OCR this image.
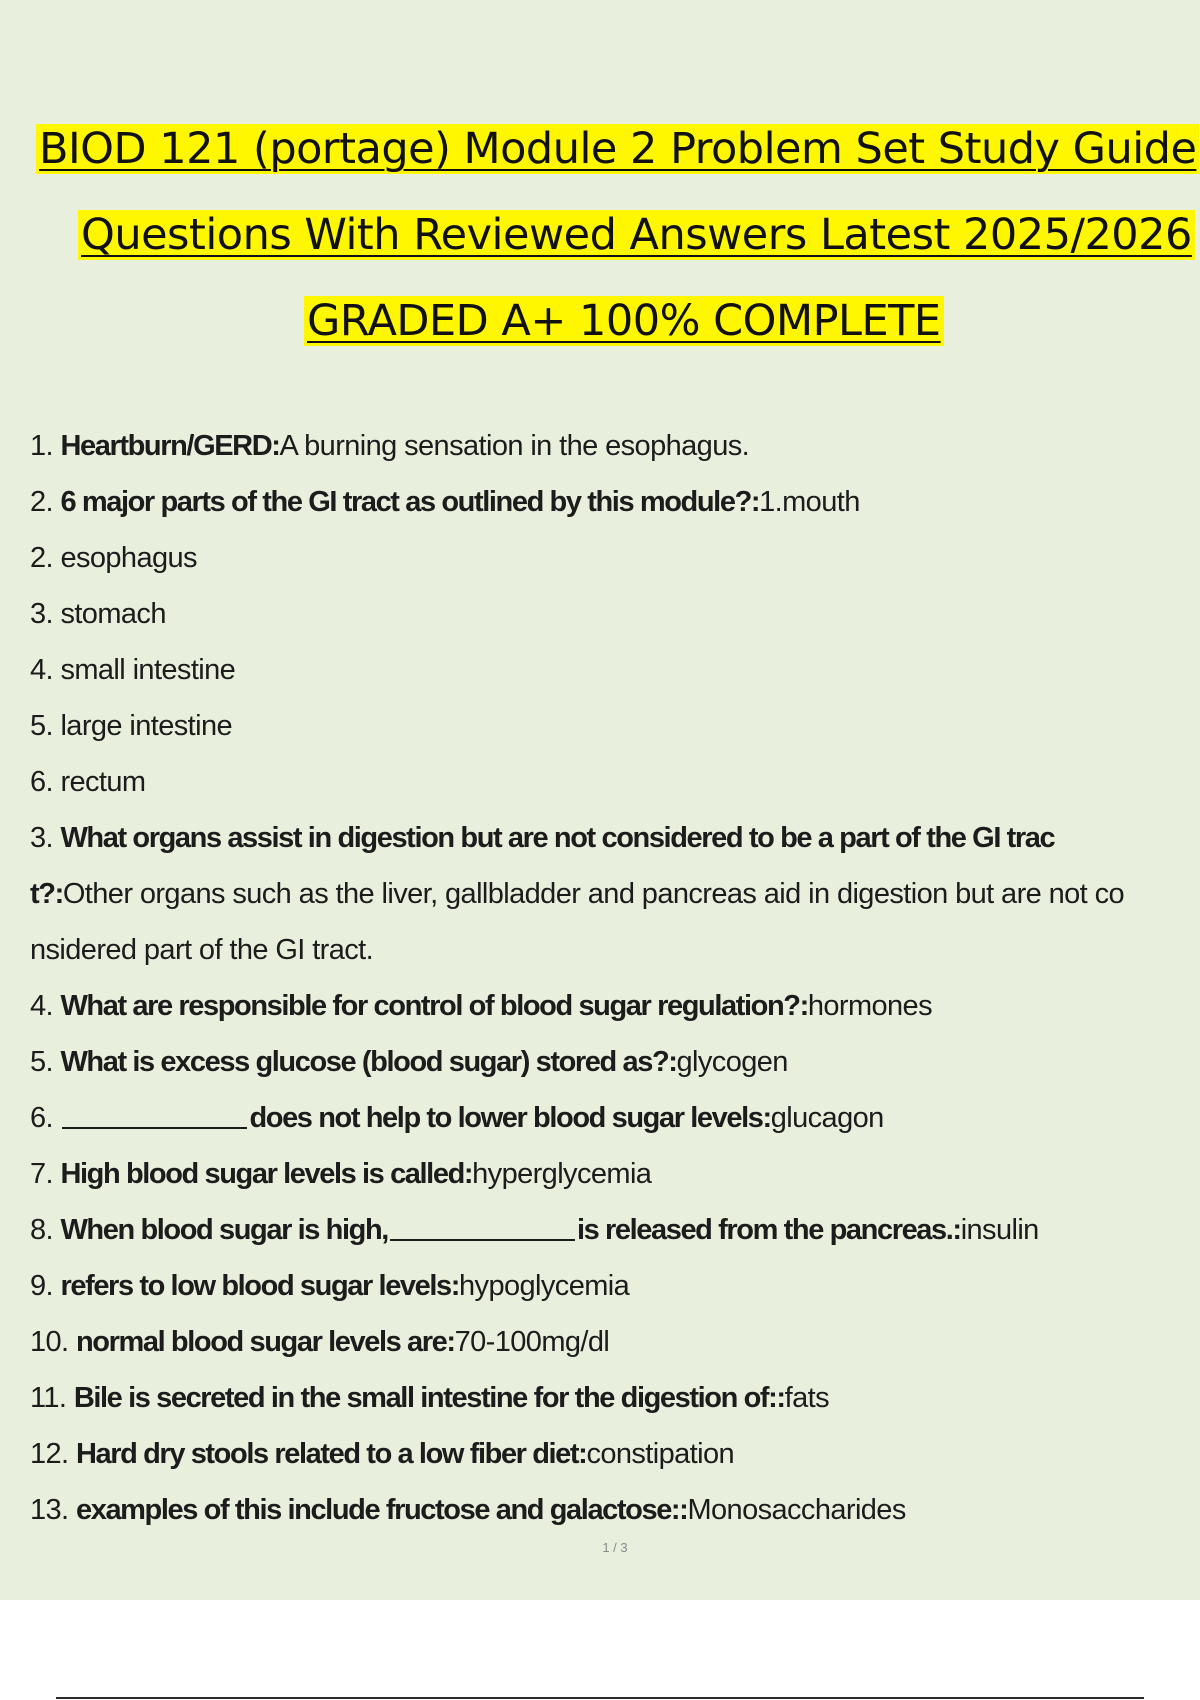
BIOD 121 (portage) Module 2 Problem Set Study Guide
Questions With Reviewed Answers Latest 2025/2026
GRADED A+ 100% COMPLETE
1. Heartburn/GERD:A burning sensation in the esophagus.
2. 6 major parts of the GI tract as outlined by this module?:1.mouth
2. esophagus
3. stomach
4. small intestine
5. large intestine
6. rectum
3. What organs assist in digestion but are not considered to be a part of the GI trac
t?:Other organs such as the liver, gallbladder and pancreas aid in digestion but are not co
nsidered part of the GI tract.
4. What are responsible for control of blood sugar regulation?:hormones
5. What is excess glucose (blood sugar) stored as?:glycogen
6.	does not help to lower blood sugar levels:glucagon
7. High blood sugar levels is called:hyperglycemia
8. When blood sugar is high,	is released from the pancreas.:insulin
9. refers to low blood sugar levels:hypoglycemia
10. normal blood sugar levels are:70-100mg/dl
11. Bile is secreted in the small intestine for the digestion of::fats
12. Hard dry stools related to a low fiber diet:constipation
13. examples of this include fructose and galactose::Monosaccharides
1 / 3
